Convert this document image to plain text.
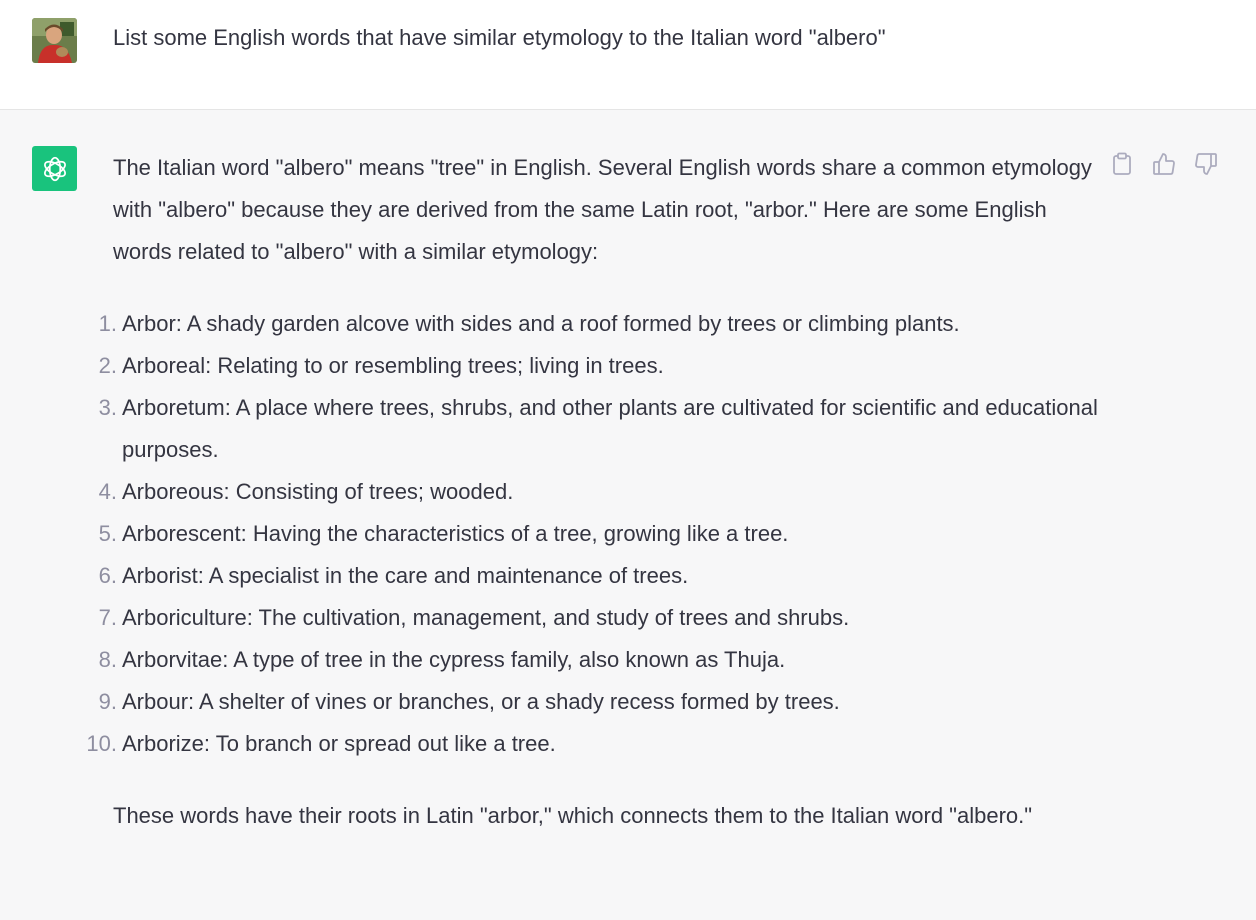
List some English words that have similar etymology to the Italian word "albero"

The Italian word "albero" means "tree" in English. Several English words share a common etymology with "albero" because they are derived from the same Latin root, "arbor." Here are some English words related to "albero" with a similar etymology:

1. Arbor: A shady garden alcove with sides and a roof formed by trees or climbing plants.
2. Arboreal: Relating to or resembling trees; living in trees.
3. Arboretum: A place where trees, shrubs, and other plants are cultivated for scientific and educational purposes.
4. Arboreous: Consisting of trees; wooded.
5. Arborescent: Having the characteristics of a tree, growing like a tree.
6. Arborist: A specialist in the care and maintenance of trees.
7. Arboriculture: The cultivation, management, and study of trees and shrubs.
8. Arborvitae: A type of tree in the cypress family, also known as Thuja.
9. Arbour: A shelter of vines or branches, or a shady recess formed by trees.
10. Arborize: To branch or spread out like a tree.

These words have their roots in Latin "arbor," which connects them to the Italian word "albero."
